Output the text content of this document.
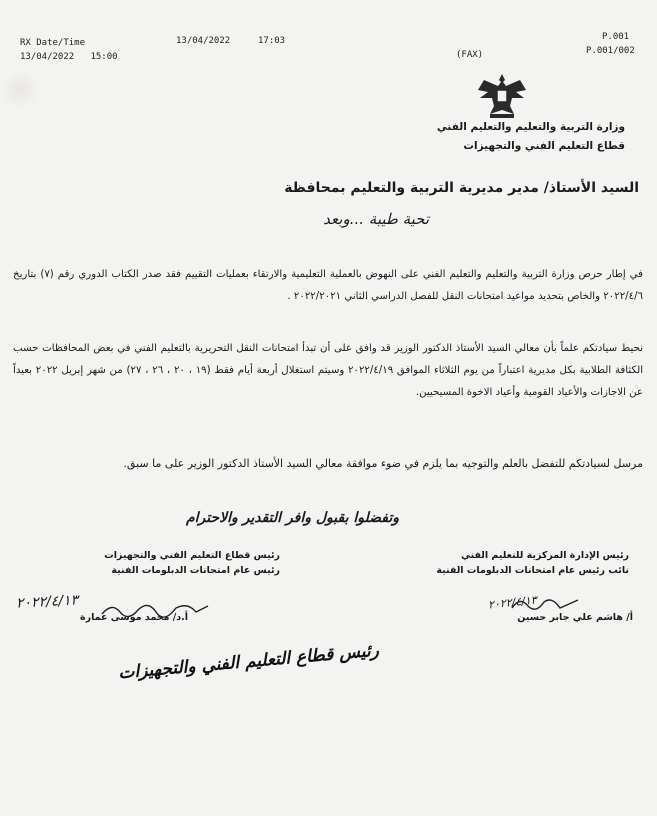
RX Date/Time
13/04/2022   15:00
13/04/2022	17:03
(FAX)
P.001
P.001/002
وزارة التربية والتعليم والتعليم الفني
قطاع التعليم الفني والتجهيزات
السيد الأستاذ/ مدير مديرية التربية والتعليم بمحافظة
تحية طيبة ...وبعد
في إطار حرص وزارة التربية والتعليم والتعليم الفني على النهوض بالعملية التعليمية والارتقاء بعمليات التقييم فقد صدر الكتاب الدوري رقم (٧) بتاريخ ٢٠٢٢/٤/٦ والخاص بتحديد مواعيد امتحانات النقل للفصل الدراسي الثاني ٢٠٢٢/٢٠٢١ .
نحيط سيادتكم علماً بأن معالي السيد الأستاذ الدكتور الوزير قد وافق على أن تبدأ امتحانات النقل التحريرية بالتعليم الفني في بعض المحافظات حسب الكثافة الطلابية بكل مديرية اعتباراً من يوم الثلاثاء الموافق ٢٠٢٢/٤/١٩ وسيتم استغلال أربعة أيام فقط (١٩ ، ٢٠ ، ٢٦ ، ٢٧) من شهر إبريل ٢٠٢٢ بعيداً عن الاجازات والأعياد القومية وأعياد الاخوة المسيحيين.
مرسل لسيادتكم للتفضل بالعلم والتوجيه بما يلزم في ضوء موافقة معالي السيد الأستاذ الدكتور الوزير على ما سبق.
وتفضلوا بقبول وافر التقدير والاحترام
رئيس الإدارة المركزية للتعليم الفني
نائب رئيس عام امتحانات الدبلومات الفنية
رئيس قطاع التعليم الفني والتجهيزات
رئيس عام امتحانات الدبلومات الفنية
٢٠٢٢/٤/١٣	٢٠٢٢/٤/١٣
أ.د/ محمد موسى عمارة	أ/ هاشم علي جابر حسين
رئيس قطاع التعليم الفني والتجهيزات
